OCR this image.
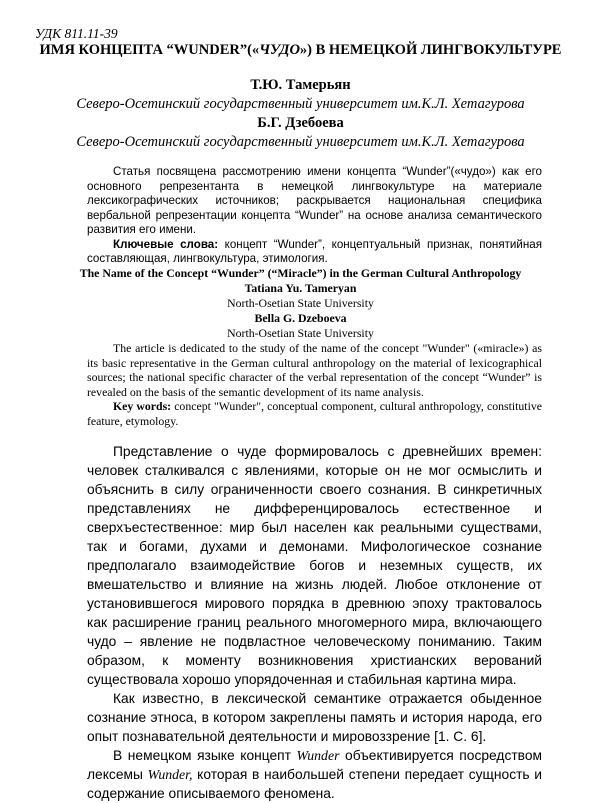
УДК 811.11-39
ИМЯ КОНЦЕПТА “WUNDER”(«ЧУДО») В НЕМЕЦКОЙ ЛИНГВОКУЛЬТУРЕ
Т.Ю. Тамерьян
Северо-Осетинский государственный университет им.К.Л. Хетагурова
Б.Г. Дзебоева
Северо-Осетинский государственный университет им.К.Л. Хетагурова

Статья посвящена рассмотрению имени концепта “Wunder”(«чудо») как его основного репрезентанта в немецкой лингвокультуре на материале лексикографических источников; раскрывается национальная специфика вербальной репрезентации концепта “Wunder” на основе анализа семантического развития его имени.

Ключевые слова: концепт “Wunder”, концептуальный признак, понятийная составляющая, лингвокультура, этимология.

The Name of the Concept “Wunder” (“Miracle”) in the German Cultural Anthropology
Tatiana Yu. Tameryan
North-Osetian State University
Bella G. Dzeboeva
North-Osetian State University

The article is dedicated to the study of the name of the concept "Wunder" («miracle») as its basic representative in the German cultural anthropology on the material of lexicographical sources; the national specific character of the verbal representation of the concept “Wunder” is revealed on the basis of the semantic development of its name analysis.

Key words: concept "Wunder", conceptual component, cultural anthropology, constitutive feature, etymology.

Представление о чуде формировалось с древнейших времен: человек сталкивался с явлениями, которые он не мог осмыслить и объяснить в силу ограниченности своего сознания. В синкретичных представлениях не дифференцировалось естественное и сверхъестественное: мир был населен как реальными существами, так и богами, духами и демонами. Мифологическое сознание предполагало взаимодействие богов и неземных существ, их вмешательство и влияние на жизнь людей. Любое отклонение от установившегося мирового порядка в древнюю эпоху трактовалось как расширение границ реального многомерного мира, включающего чудо – явление не подвластное человеческому пониманию. Таким образом, к моменту возникновения христианских верований существовала хорошо упорядоченная и стабильная картина мира.

Как известно, в лексической семантике отражается обыденное сознание этноса, в котором закреплены память и история народа, его опыт познавательной деятельности и мировоззрение [1. С. 6].

В немецком языке концепт Wunder объективируется посредством лексемы Wunder, которая в наибольшей степени передает сущность и содержание описываемого феномена.
